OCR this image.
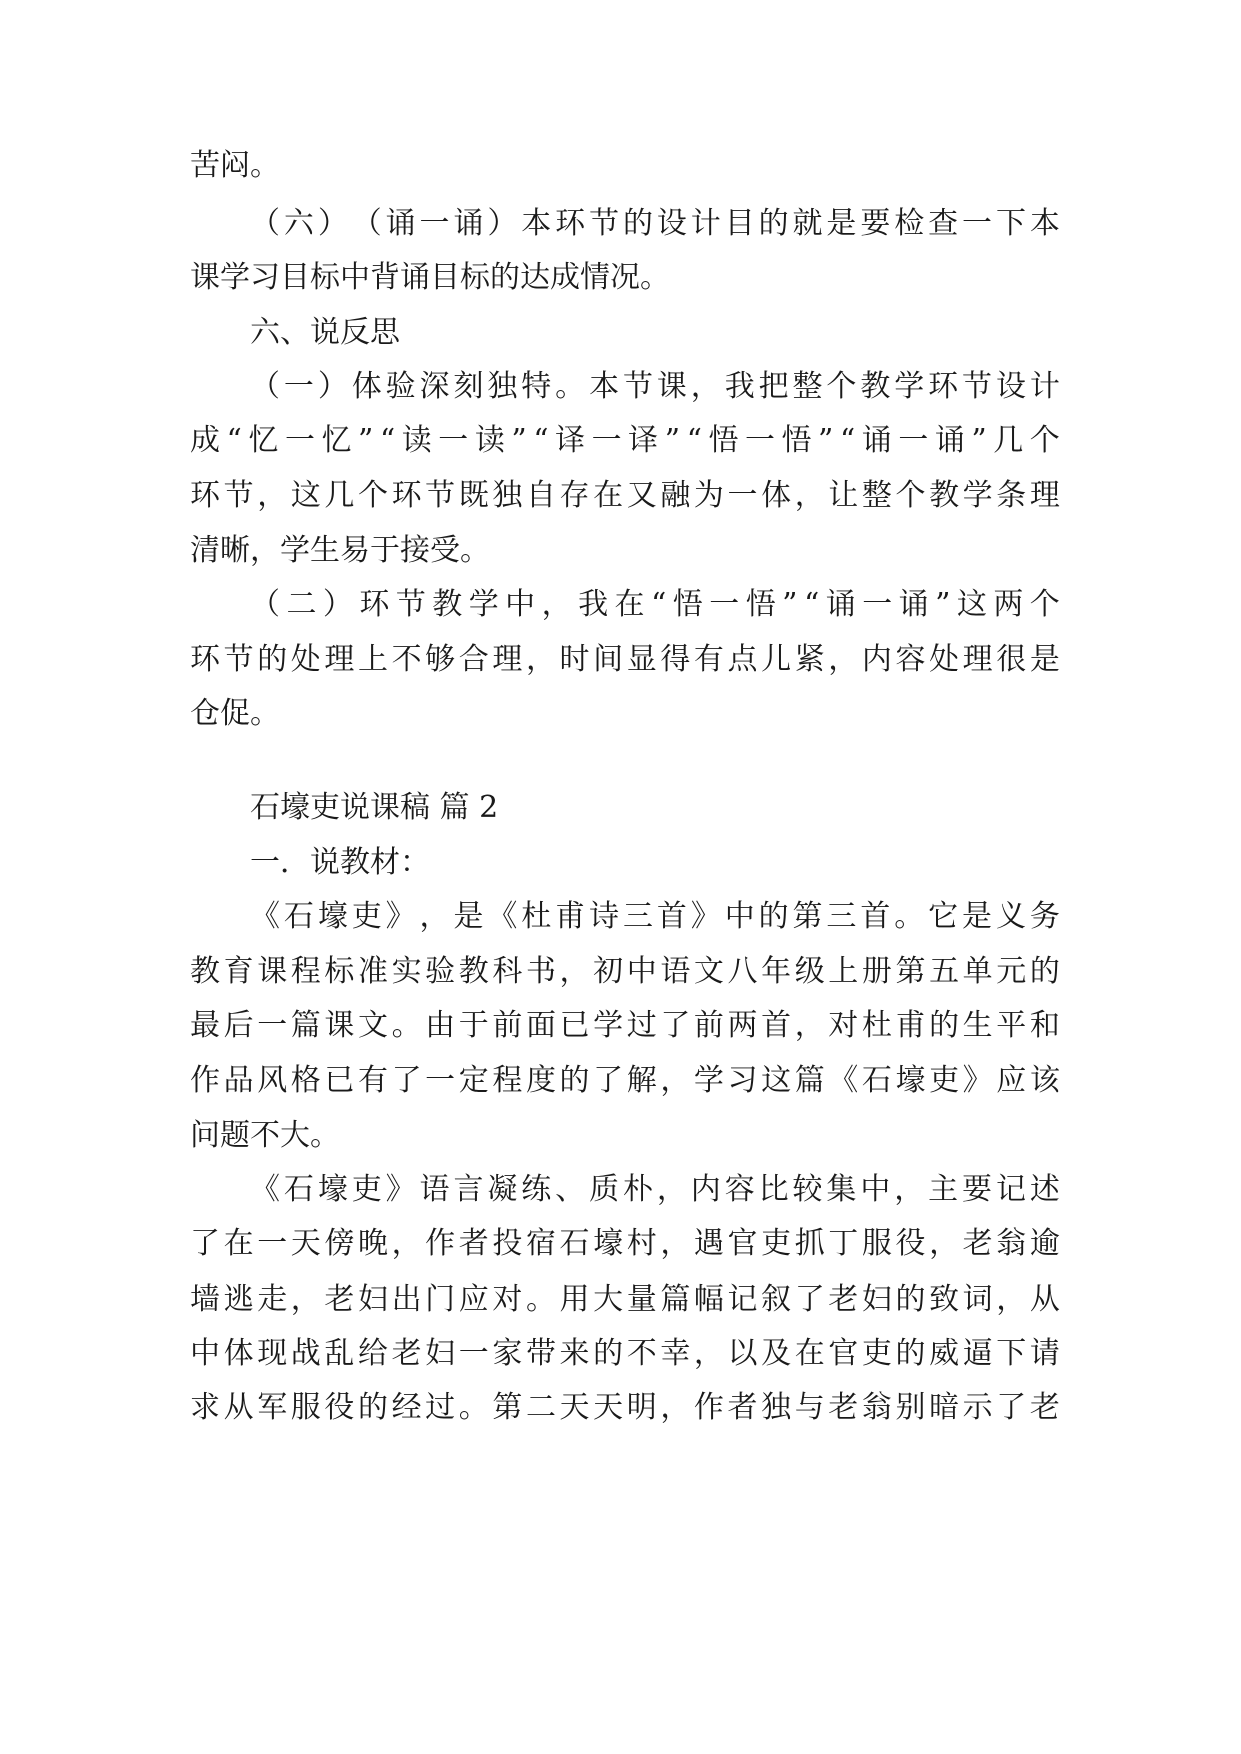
苦闷。
（ 六 ） （ 诵 一 诵 ） 本 环 节 的 设 计 目 的 就 是 要 检 查 一 下 本
课学习目标中背诵目标的达成情况。
六、说反思
（ 一 ） 体 验 深 刻 独 特 。 本 节 课 ， 我 把 整 个 教 学 环 节 设 计
成 “ 忆 一 忆 ” “ 读 一 读 ” “ 译 一 译 ” “ 悟 一 悟 ” “ 诵 一 诵 ” 几 个
环 节 ， 这 几 个 环 节 既 独 自 存 在 又 融 为 一 体 ， 让 整 个 教 学 条 理
清晰，学生易于接受。
（ 二 ） 环 节 教 学 中 ， 我 在 “ 悟 一 悟 ” “ 诵 一 诵 ” 这 两 个
环 节 的 处 理 上 不 够 合 理 ， 时 间 显 得 有 点 儿 紧 ， 内 容 处 理 很 是
仓促。
石壕吏说课稿 篇 2
一．说教材：
《 石 壕 吏 》 ， 是 《 杜 甫 诗 三 首 》 中 的 第 三 首 。 它 是 义 务
教 育 课 程 标 准 实 验 教 科 书 ， 初 中 语 文 八 年 级 上 册 第 五 单 元 的
最 后 一 篇 课 文 。 由 于 前 面 已 学 过 了 前 两 首 ， 对 杜 甫 的 生 平 和
作 品 风 格 已 有 了 一 定 程 度 的 了 解 ， 学 习 这 篇 《 石 壕 吏 》 应 该
问题不大。
《 石 壕 吏 》 语 言 凝 练 、 质 朴 ， 内 容 比 较 集 中 ， 主 要 记 述
了 在 一 天 傍 晚 ， 作 者 投 宿 石 壕 村 ， 遇 官 吏 抓 丁 服 役 ， 老 翁 逾
墙 逃 走 ， 老 妇 出 门 应 对 。 用 大 量 篇 幅 记 叙 了 老 妇 的 致 词 ， 从
中 体 现 战 乱 给 老 妇 一 家 带 来 的 不 幸 ， 以 及 在 官 吏 的 威 逼 下 请
求 从 军 服 役 的 经 过 。 第 二 天 天 明 ， 作 者 独 与 老 翁 别 暗 示 了 老
